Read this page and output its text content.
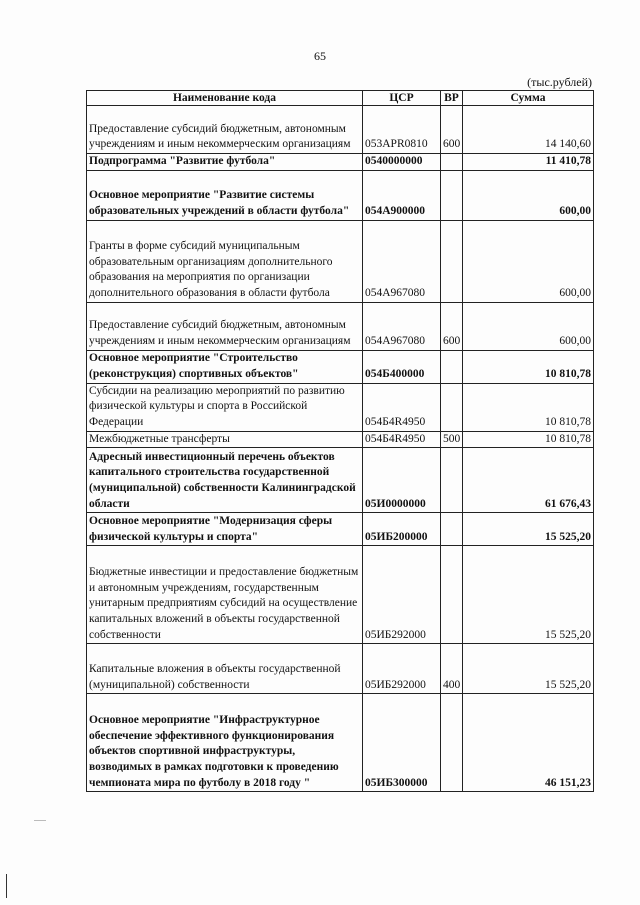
65
(тыс.рублей)
Наименование кода	ЦСР	ВР	Сумма
Предоставление субсидий бюджетным, автономным учреждениям и иным некоммерческим организациям	053APR0810	600	14 140,60
Подпрограмма "Развитие футбола"	0540000000		11 410,78
Основное мероприятие "Развитие системы образовательных учреждений в области футбола"	054А900000		600,00
Гранты в форме субсидий муниципальным образовательным организациям дополнительного образования на мероприятия по организации дополнительного образования в области футбола	054А967080		600,00
Предоставление субсидий бюджетным, автономным учреждениям и иным некоммерческим организациям	054А967080	600	600,00
Основное мероприятие "Строительство (реконструкция) спортивных объектов"	054Б400000		10 810,78
Субсидии на реализацию мероприятий по развитию физической культуры и спорта в Российской Федерации	054Б4R4950		10 810,78
Межбюджетные трансферты	054Б4R4950	500	10 810,78
Адресный инвестиционный перечень объектов капитального строительства государственной (муниципальной) собственности Калининградской области	05И0000000		61 676,43
Основное мероприятие "Модернизация сферы физической культуры и спорта"	05ИБ200000		15 525,20
Бюджетные инвестиции и предоставление бюджетным и автономным учреждениям, государственным унитарным предприятиям субсидий на осуществление капитальных вложений в объекты государственной собственности	05ИБ292000		15 525,20
Капитальные вложения в объекты государственной (муниципальной) собственности	05ИБ292000	400	15 525,20
Основное мероприятие "Инфраструктурное обеспечение эффективного функционирования объектов спортивной инфраструктуры, возводимых в рамках подготовки к проведению чемпионата мира по футболу в 2018 году "	05ИБ300000		46 151,23
